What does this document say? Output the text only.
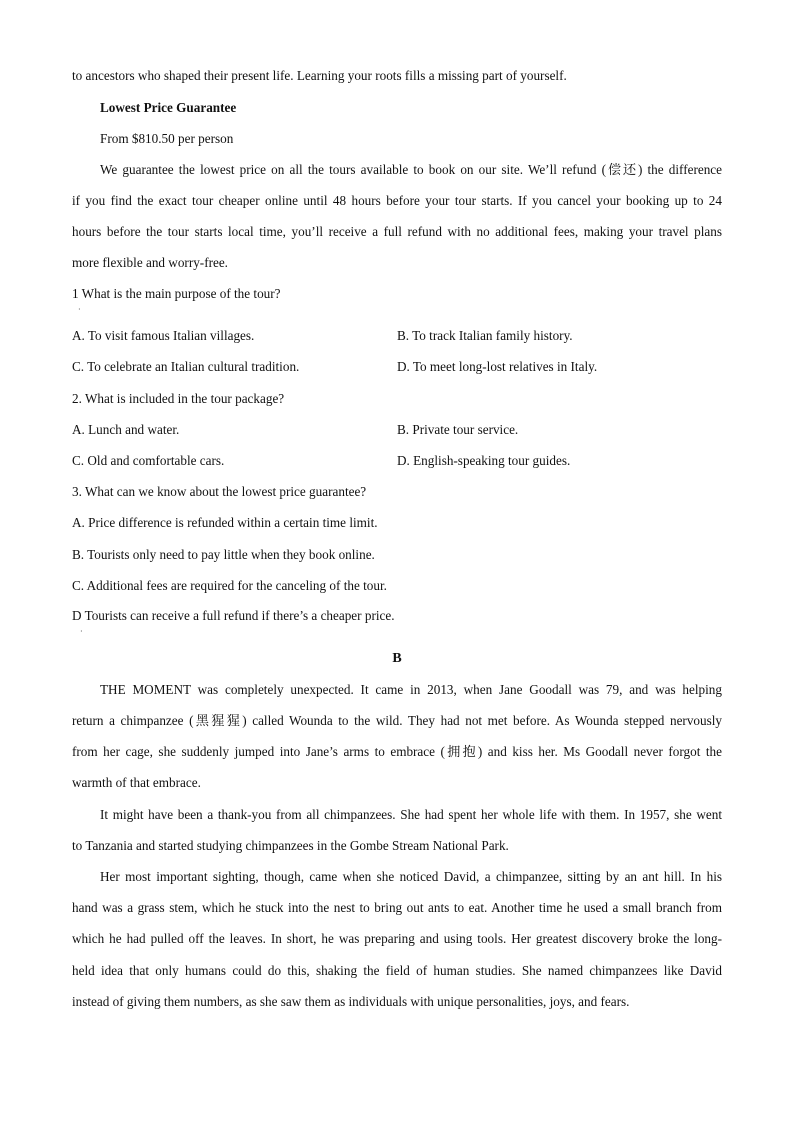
to ancestors who shaped their present life. Learning your roots fills a missing part of yourself.
Lowest Price Guarantee
From $810.50 per person
We guarantee the lowest price on all the tours available to book on our site. We’ll refund (偿还) the difference
if you find the exact tour cheaper online until 48 hours before your tour starts. If you cancel your booking up to 24
hours before the tour starts local time, you’ll receive a full refund with no additional fees, making your travel plans
more flexible and worry-free.
1 What is the main purpose of the tour?
·
A. To visit famous Italian villages.	B. To track Italian family history.
C. To celebrate an Italian cultural tradition.	D. To meet long-lost relatives in Italy.
2. What is included in the tour package?
A. Lunch and water.	B. Private tour service.
C. Old and comfortable cars.	D. English-speaking tour guides.
3. What can we know about the lowest price guarantee?
A. Price difference is refunded within a certain time limit.
B. Tourists only need to pay little when they book online.
C. Additional fees are required for the canceling of the tour.
D Tourists can receive a full refund if there’s a cheaper price.
·
B
THE MOMENT was completely unexpected. It came in 2013, when Jane Goodall was 79, and was helping
return a chimpanzee (黑猩猩) called Wounda to the wild. They had not met before. As Wounda stepped nervously
from her cage, she suddenly jumped into Jane’s arms to embrace (拥抱) and kiss her. Ms Goodall never forgot the
warmth of that embrace.
It might have been a thank-you from all chimpanzees. She had spent her whole life with them. In 1957, she went
to Tanzania and started studying chimpanzees in the Gombe Stream National Park.
Her most important sighting, though, came when she noticed David, a chimpanzee, sitting by an ant hill. In his
hand was a grass stem, which he stuck into the nest to bring out ants to eat. Another time he used a small branch from
which he had pulled off the leaves. In short, he was preparing and using tools. Her greatest discovery broke the long-
held idea that only humans could do this, shaking the field of human studies. She named chimpanzees like David
instead of giving them numbers, as she saw them as individuals with unique personalities, joys, and fears.
